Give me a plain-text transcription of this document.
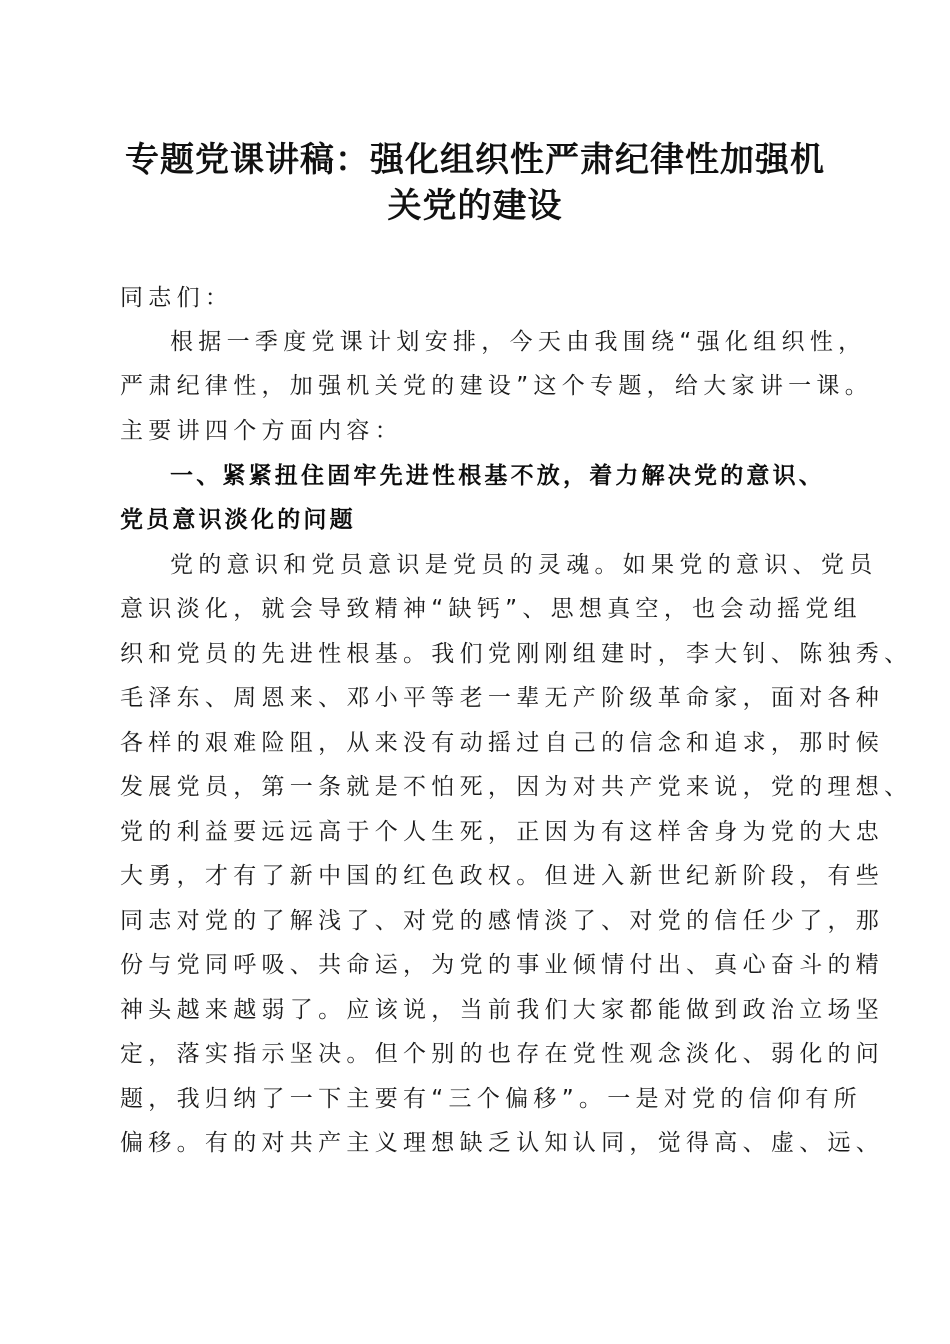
专题党课讲稿：强化组织性严肃纪律性加强机
关党的建设
同志们：
根据一季度党课计划安排，今天由我围绕“强化组织性，
严肃纪律性，加强机关党的建设”这个专题，给大家讲一课。
主要讲四个方面内容：
一、紧紧扭住固牢先进性根基不放，着力解决党的意识、
党员意识淡化的问题
党的意识和党员意识是党员的灵魂。如果党的意识、党员
意识淡化，就会导致精神“缺钙”、思想真空，也会动摇党组
织和党员的先进性根基。我们党刚刚组建时，李大钊、陈独秀、
毛泽东、周恩来、邓小平等老一辈无产阶级革命家，面对各种
各样的艰难险阻，从来没有动摇过自己的信念和追求，那时候
发展党员，第一条就是不怕死，因为对共产党来说，党的理想、
党的利益要远远高于个人生死，正因为有这样舍身为党的大忠
大勇，才有了新中国的红色政权。但进入新世纪新阶段，有些
同志对党的了解浅了、对党的感情淡了、对党的信任少了，那
份与党同呼吸、共命运，为党的事业倾情付出、真心奋斗的精
神头越来越弱了。应该说，当前我们大家都能做到政治立场坚
定，落实指示坚决。但个别的也存在党性观念淡化、弱化的问
题，我归纳了一下主要有“三个偏移”。一是对党的信仰有所
偏移。有的对共产主义理想缺乏认知认同，觉得高、虚、远、
